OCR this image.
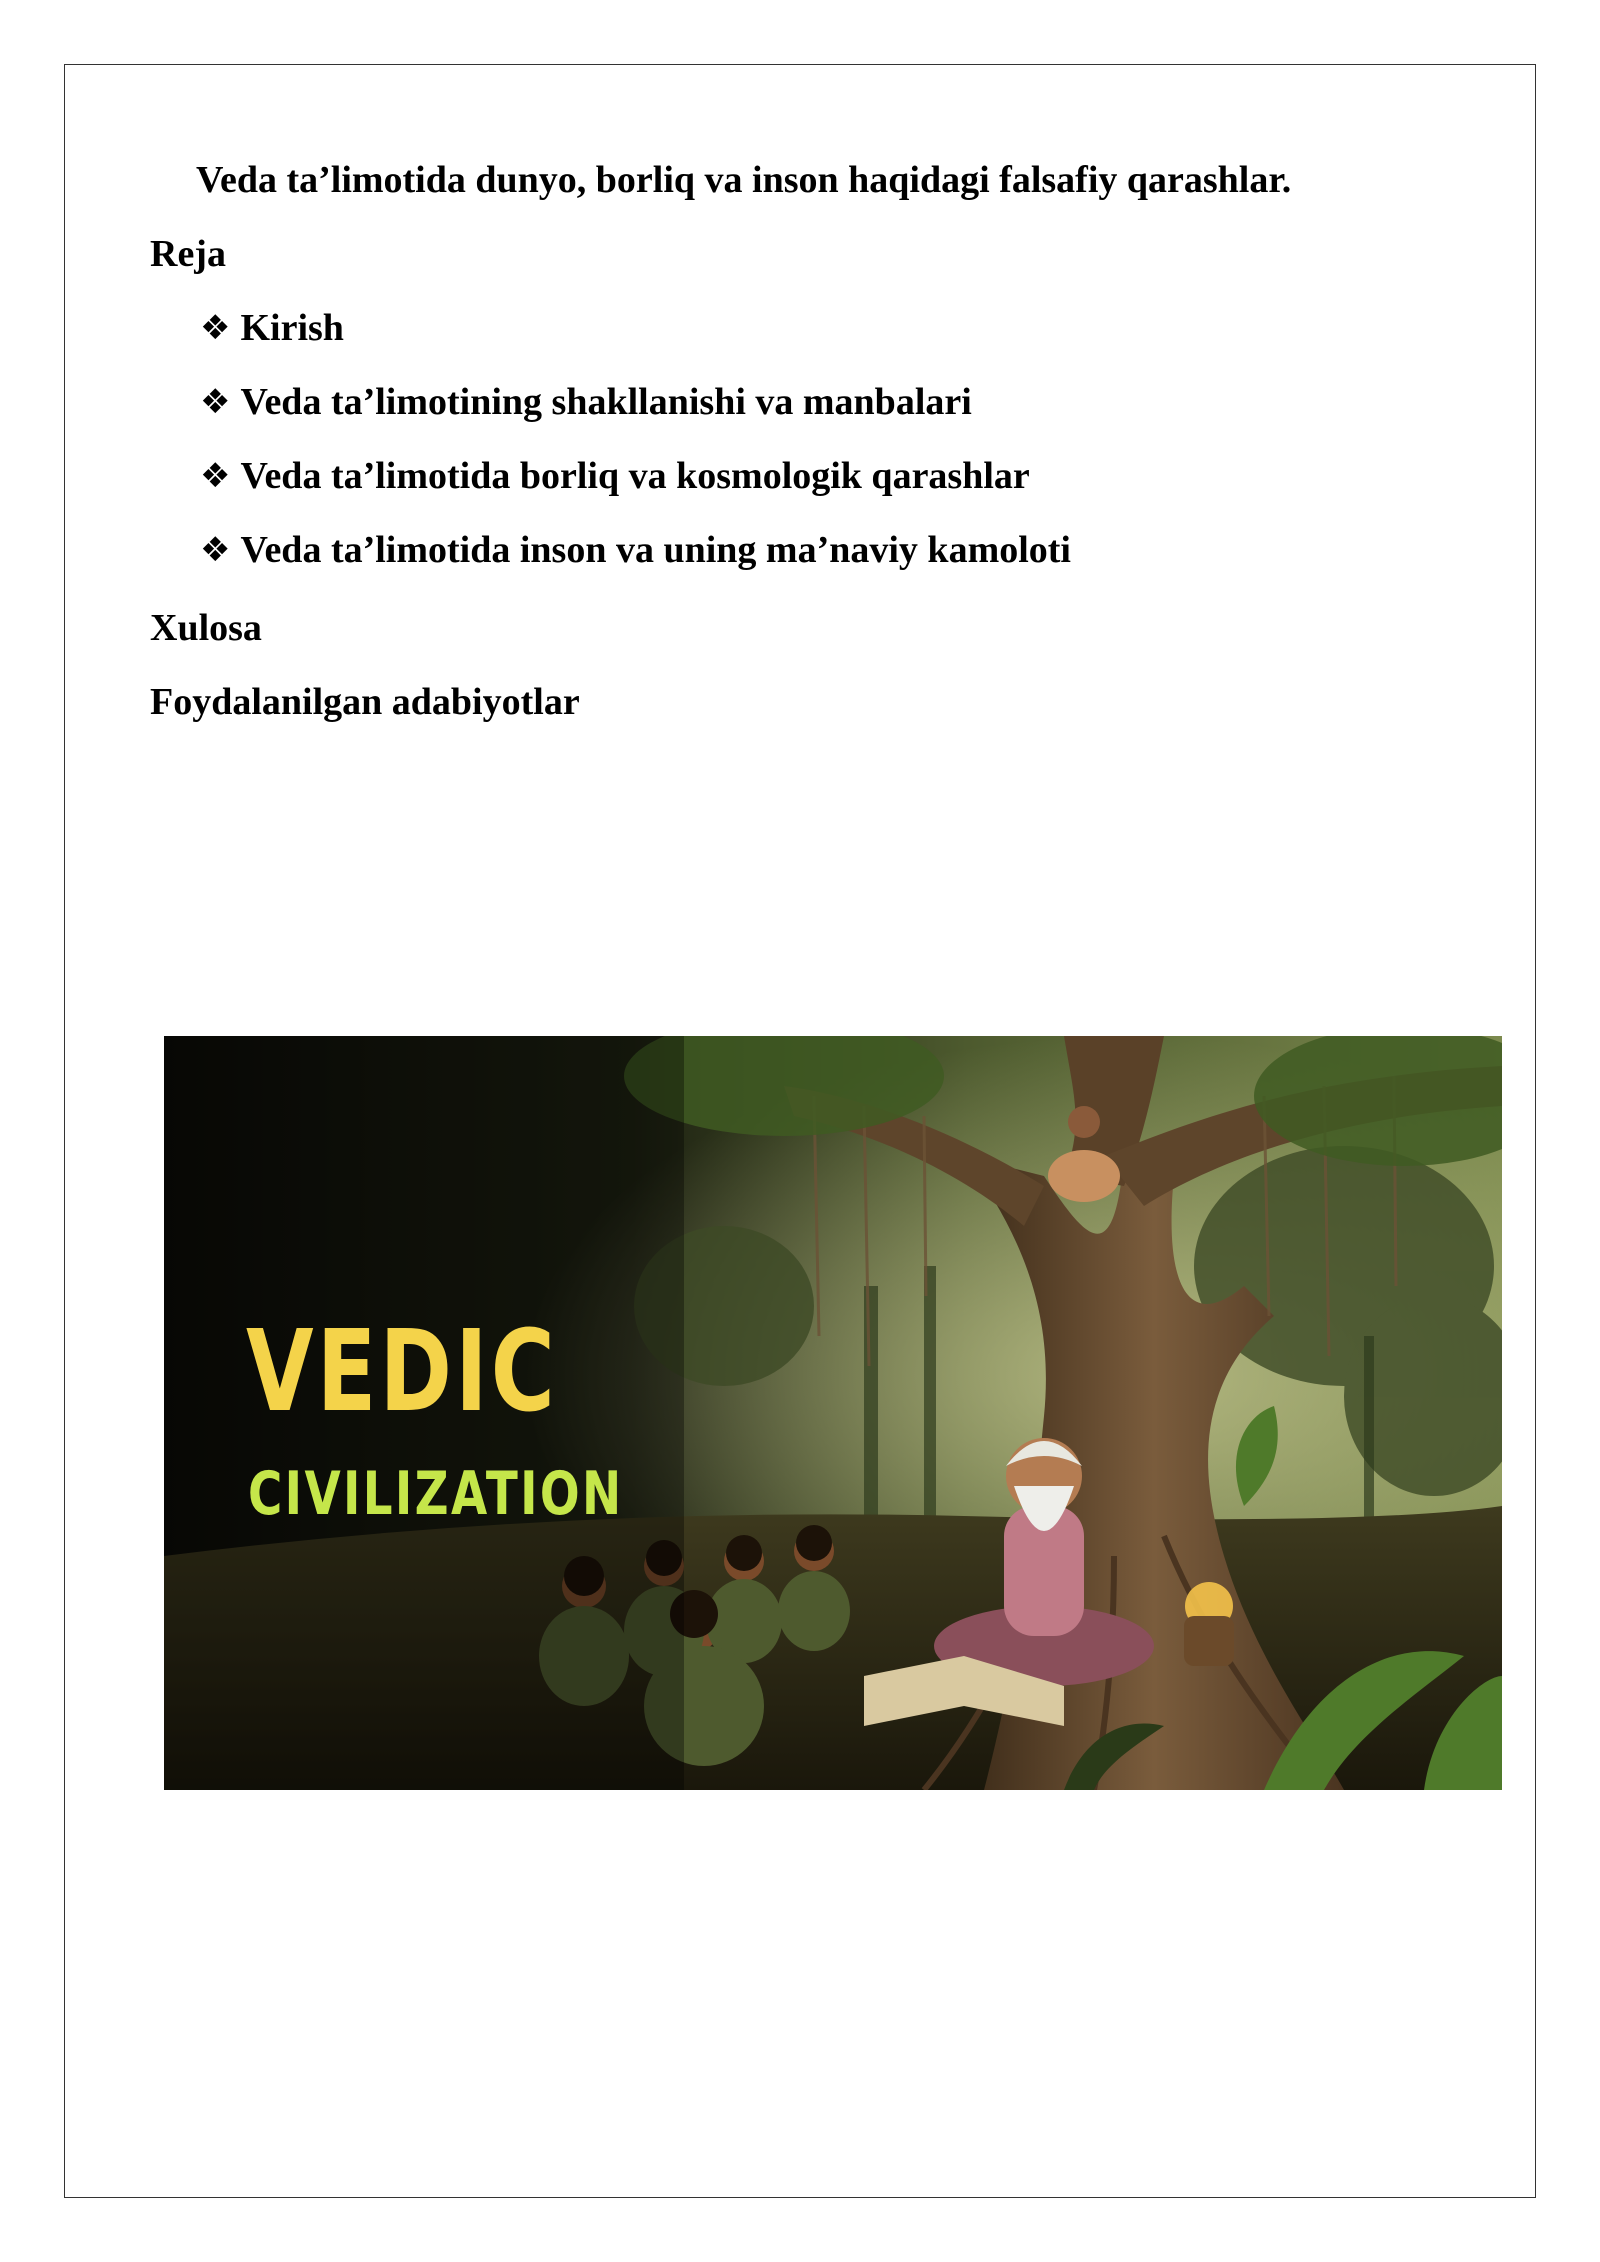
Veda ta’limotida dunyo, borliq va inson haqidagi falsafiy qarashlar.
Reja
❖ Kirish
❖ Veda ta’limotining shakllanishi va manbalari
❖ Veda ta’limotida borliq va kosmologik qarashlar
❖ Veda ta’limotida inson va uning ma’naviy kamoloti
Xulosa
Foydalanilgan adabiyotlar
VEDIC
CIVILIZATION
